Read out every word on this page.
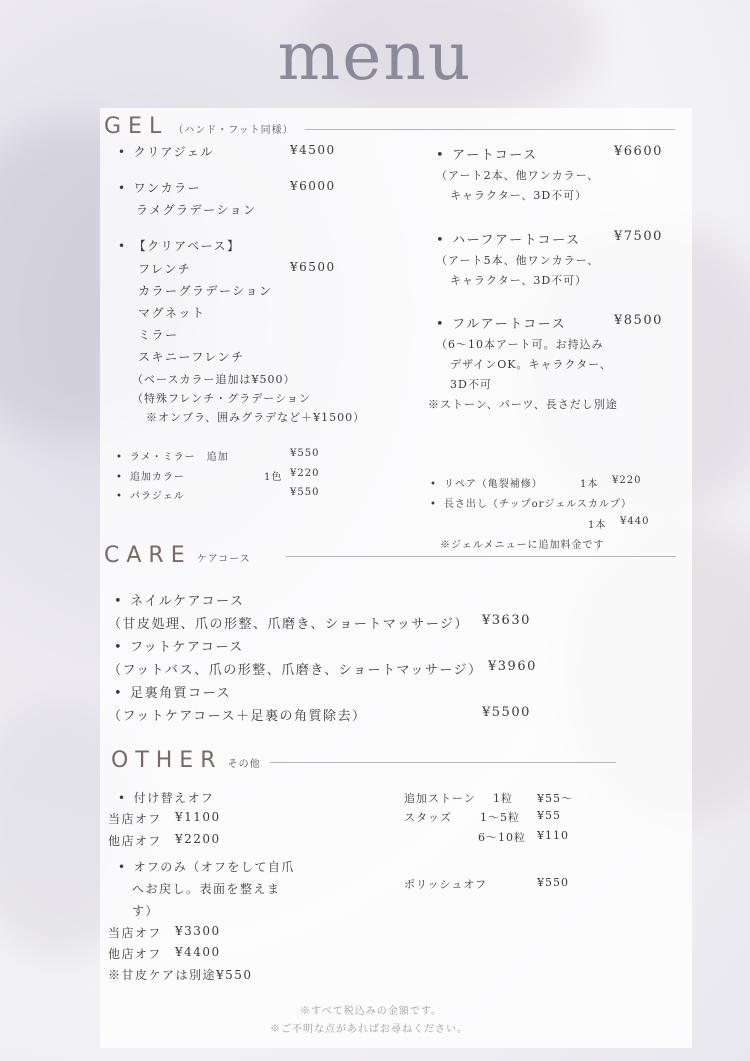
menu
GEL （ハンド・フット同様）
• クリアジェル	¥4500
• ワンカラー	¥6000
ラメグラデーション
• 【クリアベース】
フレンチ	¥6500
カラーグラデーション
マグネット
ミラー
スキニーフレンチ
（ベースカラー追加は¥500）
（特殊フレンチ・グラデーション
※オンブラ、囲みグラデなど＋¥1500）
• ラメ・ミラー　追加	¥550
• 追加カラー	1色 ¥220
• パラジェル	¥550
• アートコース	¥6600
（アート2本、他ワンカラー、
キャラクター、3D不可）
• ハーフアートコース	¥7500
（アート5本、他ワンカラー、
キャラクター、3D不可）
• フルアートコース	¥8500
（6〜10本アート可。お持込み
デザインOK。キャラクター、
3D不可
※ストーン、パーツ、長さだし別途
• リペア（亀裂補修）	1本 ¥220
• 長さ出し（チップorジェルスカルプ）
1本 ¥440
※ジェルメニューに追加料金です
CARE ケアコース
• ネイルケアコース
（甘皮処理、爪の形整、爪磨き、ショートマッサージ） ¥3630
• フットケアコース
（フットバス、爪の形整、爪磨き、ショートマッサージ） ¥3960
• 足裏角質コース
（フットケアコース＋足裏の角質除去）	¥5500
OTHER その他
• 付け替えオフ
当店オフ ¥1100
他店オフ ¥2200
• オフのみ（オフをして自爪
へお戻し。表面を整えま
す）
当店オフ ¥3300
他店オフ ¥4400
※甘皮ケアは別途¥550
追加ストーン 1粒 ¥55〜
スタッズ	1〜5粒 ¥55
6〜10粒 ¥110
ポリッシュオフ	¥550
※すべて税込みの金額です。
※ご不明な点があればお尋ねください。
